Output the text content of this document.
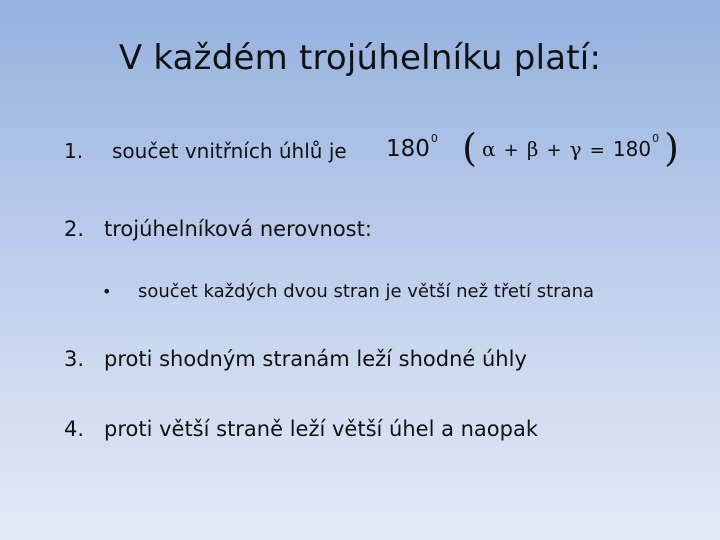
V každém trojúhelníku platí:
1. součet vnitřních úhlů je 1800 ( α + β + γ = 1800 )
2. trojúhelníková nerovnost:
• součet každých dvou stran je větší než třetí strana
3. proti shodným stranám leží shodné úhly
4. proti větší straně leží větší úhel a naopak
